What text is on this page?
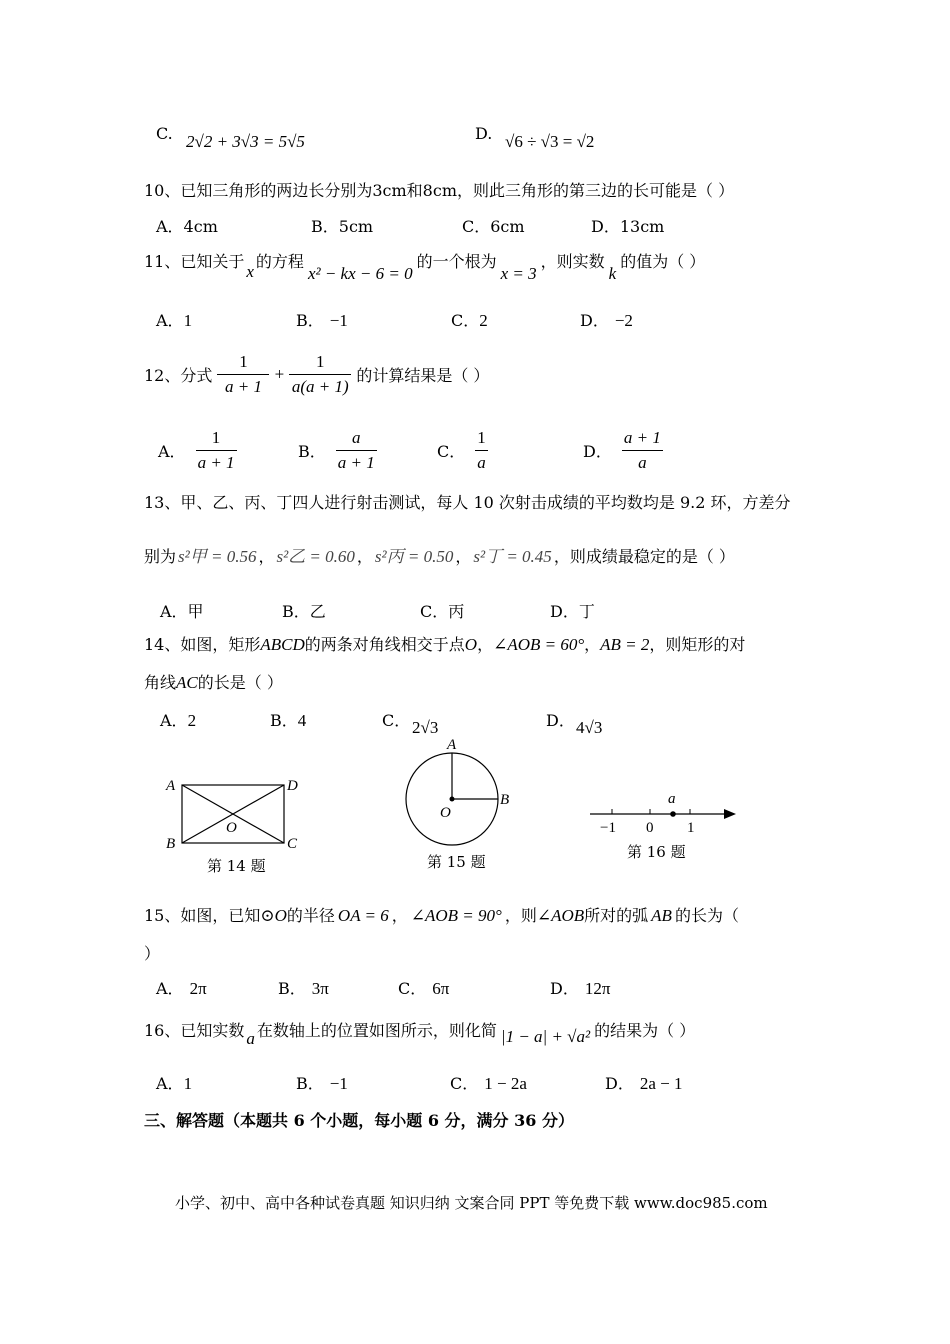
C. 2√2 + 3√3 = 5√5	D. √6 ÷ √3 = √2
10、已知三角形的两边长分别为3cm和8cm，则此三角形的第三边的长可能是（ ）
A．4cm	B．5cm	C．6cm	D．13cm
11、已知关于x的方程x² − kx − 6 = 0的一个根为x = 3，则实数k的值为（ ）
A．1	B． −1	C．2	D． −2
12、分式 $\frac{1}{a + 1} + \frac{1}{a(a + 1)}$ 的计算结果是（ ）
A． $\frac{1}{a + 1}$	B． $\frac{a}{a + 1}$	C． $\frac{1}{a}$	D． $\frac{a + 1}{a}$
13、甲、乙、丙、丁四人进行射击测试，每人 10 次射击成绩的平均数均是 9.2 环，方差分
别为 s²甲 = 0.56 ， s²乙 = 0.60 ， s²丙 = 0.50 ， s²丁 = 0.45 ，则成绩最稳定的是（ ）
A．甲	B．乙	C．丙	D．丁
14、如图，矩形ABCD的两条对角线相交于点O，∠AOB = 60°，AB = 2，则矩形的对
角线AC的长是（ ）
A．2	B．4	C． 2√3	D． 4√3
A	D
B	C
O
第 14 题
A
B
O
第 15 题
a
−1 0 1
第 16 题
15、如图，已知⊙O的半径 OA = 6 ， ∠AOB = 90° ，则∠AOB所对的弧 AB 的长为（
）
A． 2π	B． 3π	C． 6π	D． 12π
16、已知实数 a 在数轴上的位置如图所示，则化简 |1 − a| + √a² 的结果为（ ）
A．1	B． −1	C． 1 − 2a	D． 2a − 1
三、解答题（本题共 6 个小题，每小题 6 分，满分 36 分）
小学、初中、高中各种试卷真题 知识归纳 文案合同 PPT 等免费下载 www.doc985.com
